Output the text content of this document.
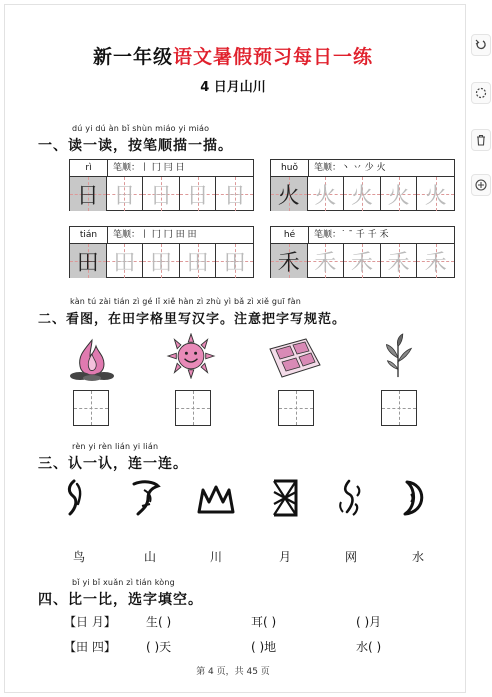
新一年级语文暑假预习每日一练
4 日月山川
dú yi dú àn bǐ shùn miáo yi miáo
一、读一读，按笔顺描一描。
rì	笔顺：丨 冂 冃 日
日 日 日 日 日
huǒ	笔顺：丶 丷 少 火
火 火 火 火 火
tián	笔顺：丨 冂 冂 田 田
田 田 田 田 田
hé	笔顺：˙ ˉ 千 千 禾
禾 禾 禾 禾 禾
kàn tú zài tián zì gé lǐ xiě hàn zì zhù yì bǎ zì xiě guī fàn
二、看图，在田字格里写汉字。注意把字写规范。
rèn yi rèn lián yi lián
三、认一认，连一连。
鸟	山	川	月	网	水
bǐ yi bǐ xuǎn zì tián kòng
四、比一比，选字填空。
【日 月】	生( )	耳( )	( )月
【田 四】	( )天	( )地	水( )
第 4 页，共 45 页
